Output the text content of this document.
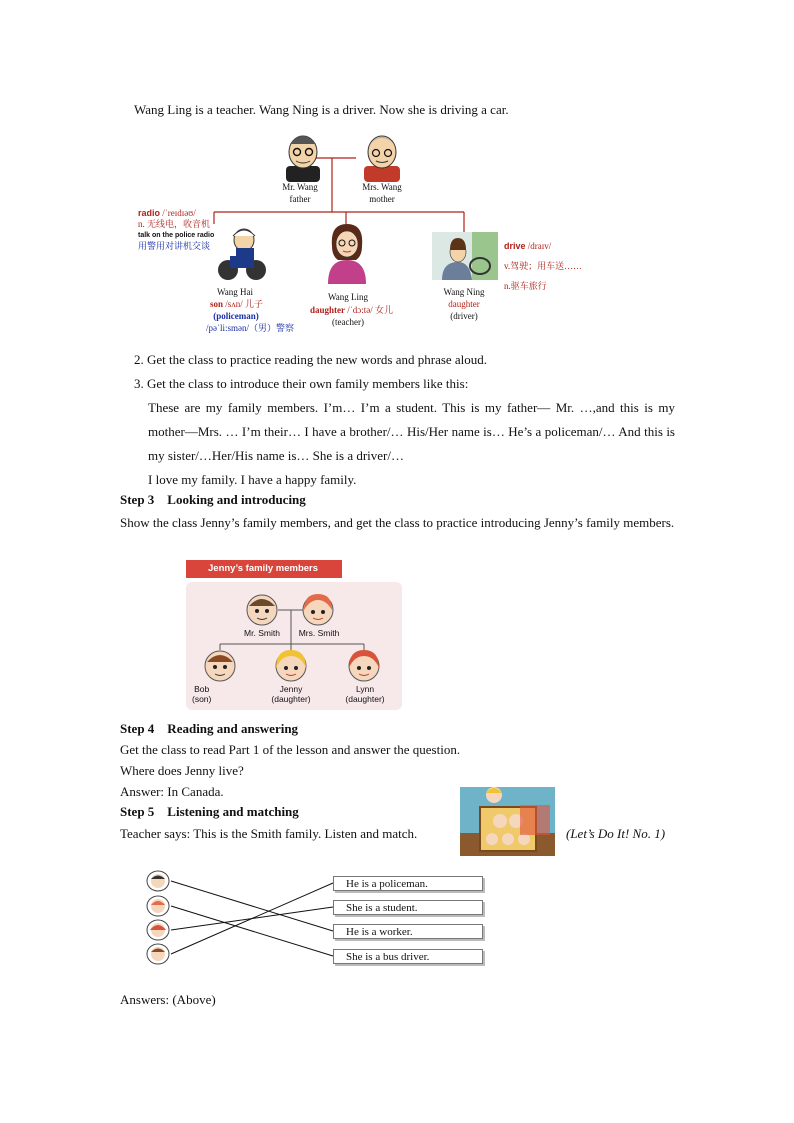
Wang Ling is a teacher. Wang Ning is a driver. Now she is driving a car.
Mr. Wang
father
Mrs. Wang
mother
radio /ˈreɪdɪəʊ/
n. 无线电，收音机
talk on the police radio
用警用对讲机交谈
Wang Hai
son /sʌn/ 儿子
(policeman)
/pəˈli:smən/（男）警察
Wang Ling
daughter /ˈdɔ:tə/ 女儿
(teacher)
Wang Ning
daughter
(driver)
drive /draɪv/
v.驾驶；用车送……
n.驱车旅行
2. Get the class to practice reading the new words and phrase aloud.
3. Get the class to introduce their own family members like this:
These are my family members. I’m… I’m a student. This is my father— Mr. …,and this is my mother—Mrs. … I’m their… I have a brother/… His/Her name is… He’s a policeman/… And this is my sister/…Her/His name is… She is a driver/…
I love my family. I have a happy family.
Step 3    Looking and introducing
Show the class Jenny’s family members, and get the class to practice introducing Jenny’s family members.
Jenny’s family members
Mr. Smith	Mrs. Smith
Bob
(son)
Jenny
(daughter)
Lynn
(daughter)
Step 4    Reading and answering
Get the class to read Part 1 of the lesson and answer the question.
Where does Jenny live?
Answer: In Canada.
Step 5    Listening and matching
Teacher says: This is the Smith family. Listen and match.	(Let’s Do It! No. 1)
He is a policeman.
She is a student.
He is a worker.
She is a bus driver.
Answers: (Above)
